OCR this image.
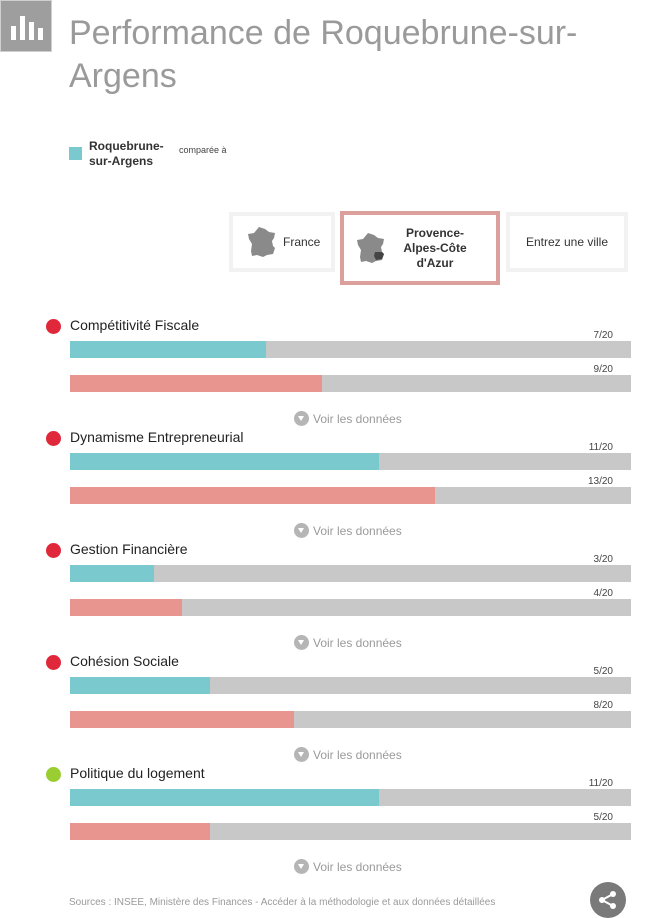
Performance de Roquebrune-sur-Argens
Roquebrune-sur-Argens
comparée à
France
Provence-Alpes-Côte d'Azur
Entrez une ville
Compétitivité Fiscale
7/20
9/20
Voir les données
Dynamisme Entrepreneurial
11/20
13/20
Voir les données
Gestion Financière
3/20
4/20
Voir les données
Cohésion Sociale
5/20
8/20
Voir les données
Politique du logement
11/20
5/20
Voir les données
Sources : INSEE, Ministère des Finances - Accéder à la méthodologie et aux données détaillées
